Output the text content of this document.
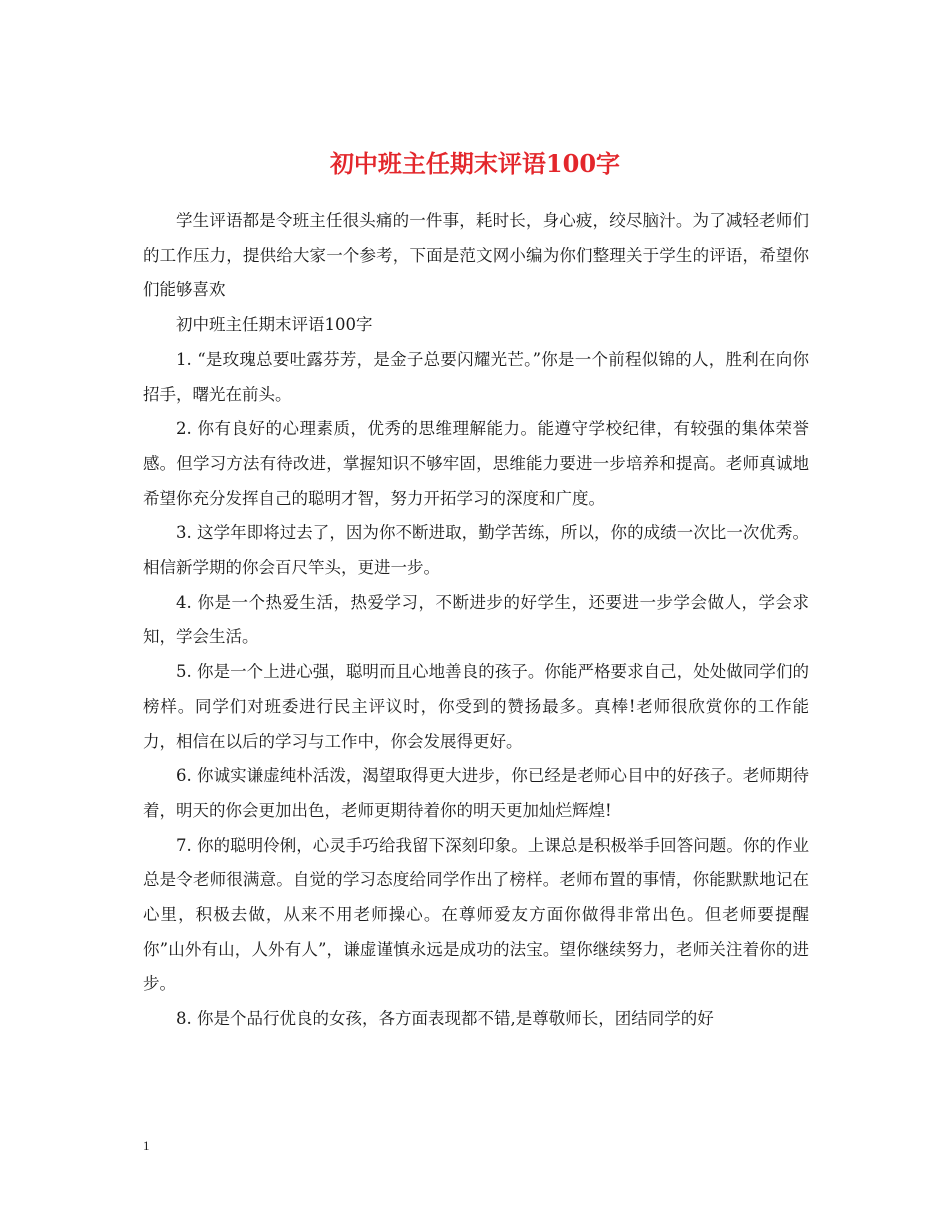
初中班主任期末评语100字

学生评语都是令班主任很头痛的一件事，耗时长，身心疲，绞尽脑汁。为了减轻老师们的工作压力，提供给大家一个参考，下面是范文网小编为你们整理关于学生的评语，希望你们能够喜欢

初中班主任期末评语100字

1. “是玫瑰总要吐露芬芳，是金子总要闪耀光芒。”你是一个前程似锦的人，胜利在向你招手，曙光在前头。

2. 你有良好的心理素质，优秀的思维理解能力。能遵守学校纪律，有较强的集体荣誉感。但学习方法有待改进，掌握知识不够牢固，思维能力要进一步培养和提高。老师真诚地希望你充分发挥自己的聪明才智，努力开拓学习的深度和广度。

3. 这学年即将过去了，因为你不断进取，勤学苦练，所以，你的成绩一次比一次优秀。相信新学期的你会百尺竿头，更进一步。

4. 你是一个热爱生活，热爱学习，不断进步的好学生，还要进一步学会做人，学会求知，学会生活。

5. 你是一个上进心强，聪明而且心地善良的孩子。你能严格要求自己，处处做同学们的榜样。同学们对班委进行民主评议时，你受到的赞扬最多。真棒!老师很欣赏你的工作能力，相信在以后的学习与工作中，你会发展得更好。

6. 你诚实谦虚纯朴活泼，渴望取得更大进步，你已经是老师心目中的好孩子。老师期待着，明天的你会更加出色，老师更期待着你的明天更加灿烂辉煌!

7. 你的聪明伶俐，心灵手巧给我留下深刻印象。上课总是积极举手回答问题。你的作业总是令老师很满意。自觉的学习态度给同学作出了榜样。老师布置的事情，你能默默地记在心里，积极去做，从来不用老师操心。在尊师爱友方面你做得非常出色。但老师要提醒你”山外有山，人外有人”，谦虚谨慎永远是成功的法宝。望你继续努力，老师关注着你的进步。

8. 你是个品行优良的女孩，各方面表现都不错,是尊敬师长，团结同学的好

1
